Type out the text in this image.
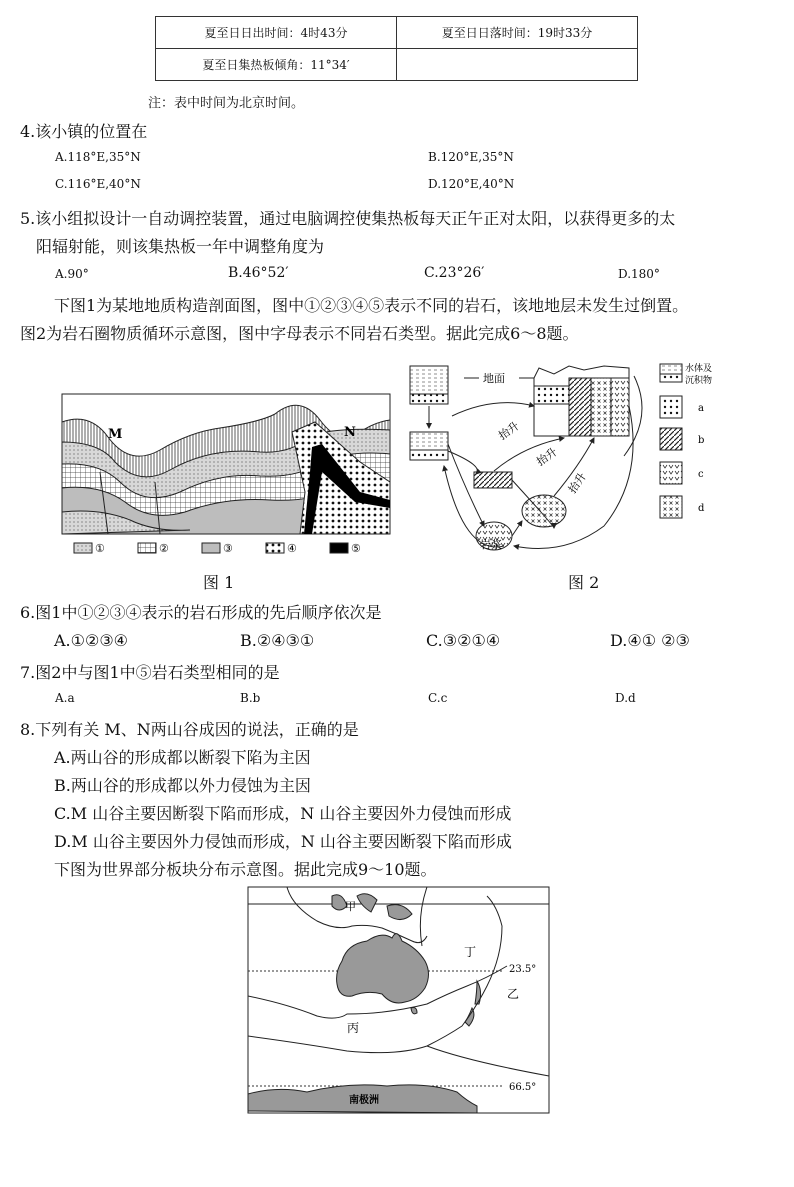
夏至日日出时间：4时43分	夏至日日落时间：19时33分
夏至日集热板倾角：11°34′	
注：表中时间为北京时间。
4.该小镇的位置在
A.118°E,35°N	B.120°E,35°N
C.116°E,40°N	D.120°E,40°N
5.该小组拟设计一自动调控装置，通过电脑调控使集热板每天正午正对太阳，以获得更多的太
阳辐射能，则该集热板一年中调整角度为
A.90°	B.46°52′	C.23°26′	D.180°
下图1为某地地质构造剖面图，图中①②③④⑤表示不同的岩石，该地地层未发生过倒置。
图2为岩石圈物质循环示意图，图中字母表示不同岩石类型。据此完成6～8题。
M	N
①	②	③	④	⑤
图 1
地面
岩浆
抬升
抬升
抬升
水体及
沉积物
a
b
c
d
图 2
6.图1中①②③④表示的岩石形成的先后顺序依次是
A.①②③④	B.②④③①	C.③②①④	D.④① ②③
7.图2中与图1中⑤岩石类型相同的是
A.a	B.b	C.c	D.d
8.下列有关 M、N两山谷成因的说法，正确的是
A.两山谷的形成都以断裂下陷为主因
B.两山谷的形成都以外力侵蚀为主因
C.M 山谷主要因断裂下陷而形成，N 山谷主要因外力侵蚀而形成
D.M 山谷主要因外力侵蚀而形成，N 山谷主要因断裂下陷而形成
下图为世界部分板块分布示意图。据此完成9～10题。
甲
丁
乙
丙
23.5°
66.5°
南极洲
